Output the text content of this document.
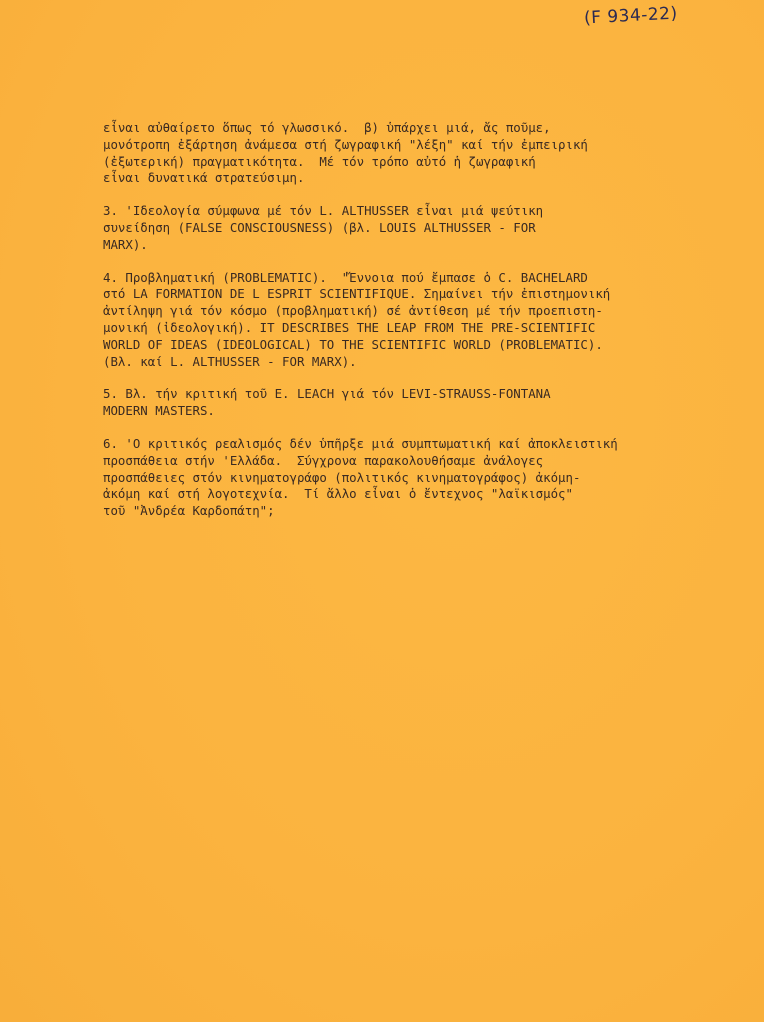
(F 934-22)
εἶναι αὐθαίρετο ὅπως τό γλωσσικό.  β) ὑπάρχει μιά, ἄς ποῦμε,
μονότροπη ἐξάρτηση ἀνάμεσα στή ζωγραφική "λέξη" καί τήν ἐμπειρική
(ἐξωτερική) πραγματικότητα.  Μέ τόν τρόπο αὐτό ἡ ζωγραφική
εἶναι δυνατικά στρατεύσιμη.
3. 'Ιδεολογία σύμφωνα μέ τόν L. ALTHUSSER εἶναι μιά ψεύτικη
συνείδηση (FALSE CONSCIOUSNESS) (βλ. LOUIS ALTHUSSER - FOR
MARX).
4. Προβληματική (PROBLEMATIC).  "Ἔννοια πού ἔμπασε ὁ C. BACHELARD
στό LA FORMATION DE L ESPRIT SCIENTIFIQUE. Σημαίνει τήν ἐπιστημονική
ἀντίληψη γιά τόν κόσμο (προβληματική) σέ ἀντίθεση μέ τήν προεπιστη-
μονική (ἰδεολογική). IT DESCRIBES THE LEAP FROM THE PRE-SCIENTIFIC
WORLD OF IDEAS (IDEOLOGICAL) TO THE SCIENTIFIC WORLD (PROBLEMATIC).
(Βλ. καί L. ALTHUSSER - FOR MARX).
5. Βλ. τήν κριτική τοῦ E. LEACH γιά τόν LEVI-STRAUSS-FONTANA
MODERN MASTERS.
6. 'Ο κριτικός ρεαλισμός δέν ὑπῆρξε μιά συμπτωματική καί ἀποκλειστική
προσπάθεια στήν 'Ελλάδα.  Σύγχρονα παρακολουθήσαμε ἀνάλογες
προσπάθειες στόν κινηματογράφο (πολιτικός κινηματογράφος) ἀκόμη-
ἀκόμη καί στή λογοτεχνία.  Τί ἄλλο εἶναι ὁ ἔντεχνος "λαϊκισμός"
τοῦ "Ἀνδρέα Καρδοπάτη";
